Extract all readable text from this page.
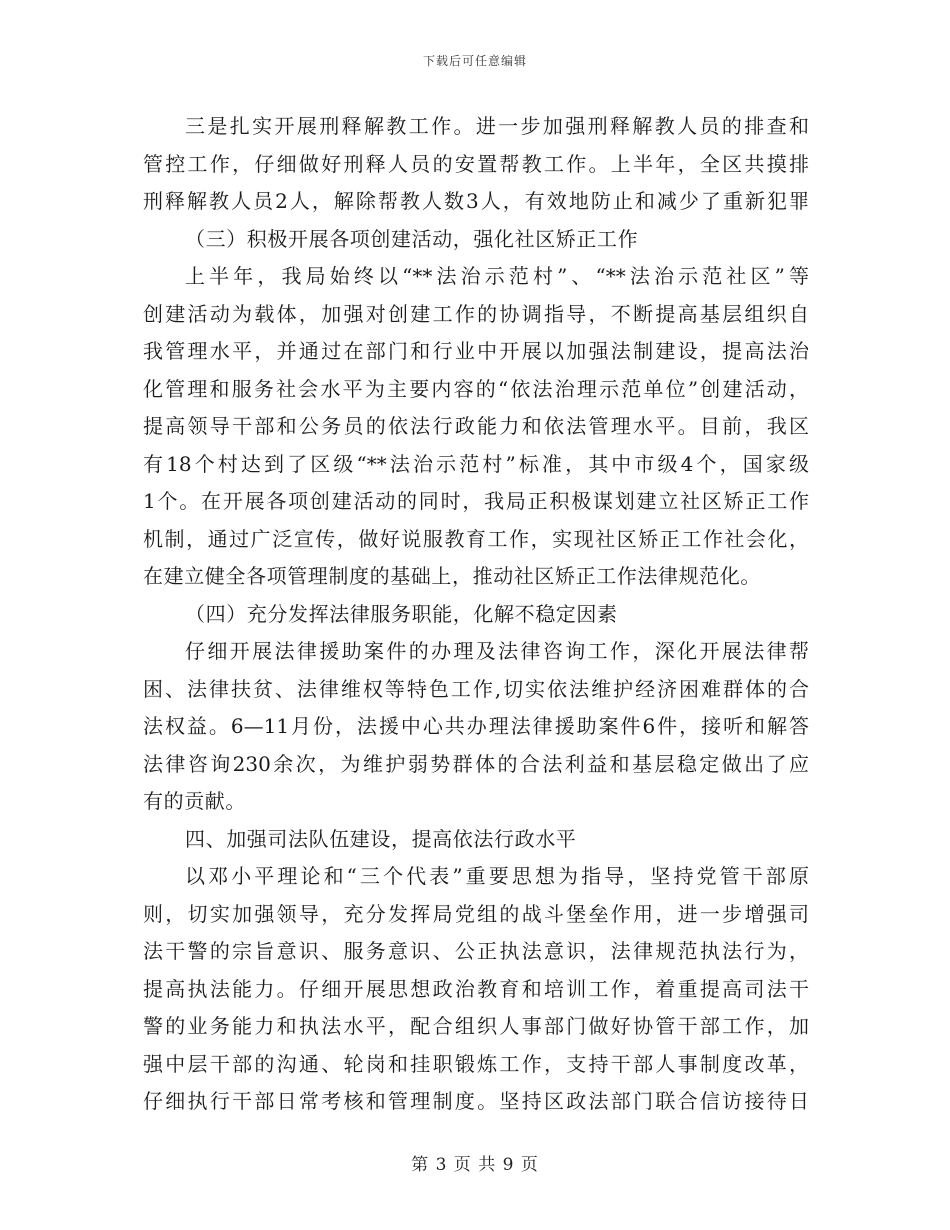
下载后可任意编辑
三是扎实开展刑释解教工作。进一步加强刑释解教人员的排查和
管控工作，仔细做好刑释人员的安置帮教工作。上半年，全区共摸排
刑释解教人员2人，解除帮教人数3人，有效地防止和减少了重新犯罪
（三）积极开展各项创建活动，强化社区矫正工作
上半年，我局始终以“**法治示范村”、“**法治示范社区”等
创建活动为载体，加强对创建工作的协调指导，不断提高基层组织自
我管理水平，并通过在部门和行业中开展以加强法制建设，提高法治
化管理和服务社会水平为主要内容的“依法治理示范单位”创建活动，
提高领导干部和公务员的依法行政能力和依法管理水平。目前，我区
有18个村达到了区级“**法治示范村”标准，其中市级4个，国家级
1个。在开展各项创建活动的同时，我局正积极谋划建立社区矫正工作
机制，通过广泛宣传，做好说服教育工作，实现社区矫正工作社会化，
在建立健全各项管理制度的基础上，推动社区矫正工作法律规范化。
（四）充分发挥法律服务职能，化解不稳定因素
仔细开展法律援助案件的办理及法律咨询工作，深化开展法律帮
困、法律扶贫、法律维权等特色工作,切实依法维护经济困难群体的合
法权益。6—11月份，法援中心共办理法律援助案件6件，接听和解答
法律咨询230余次，为维护弱势群体的合法利益和基层稳定做出了应
有的贡献。
四、加强司法队伍建设，提高依法行政水平
以邓小平理论和“三个代表”重要思想为指导，坚持党管干部原
则，切实加强领导，充分发挥局党组的战斗堡垒作用，进一步增强司
法干警的宗旨意识、服务意识、公正执法意识，法律规范执法行为，
提高执法能力。仔细开展思想政治教育和培训工作，着重提高司法干
警的业务能力和执法水平，配合组织人事部门做好协管干部工作，加
强中层干部的沟通、轮岗和挂职锻炼工作，支持干部人事制度改革，
仔细执行干部日常考核和管理制度。坚持区政法部门联合信访接待日
第 3 页 共 9 页
